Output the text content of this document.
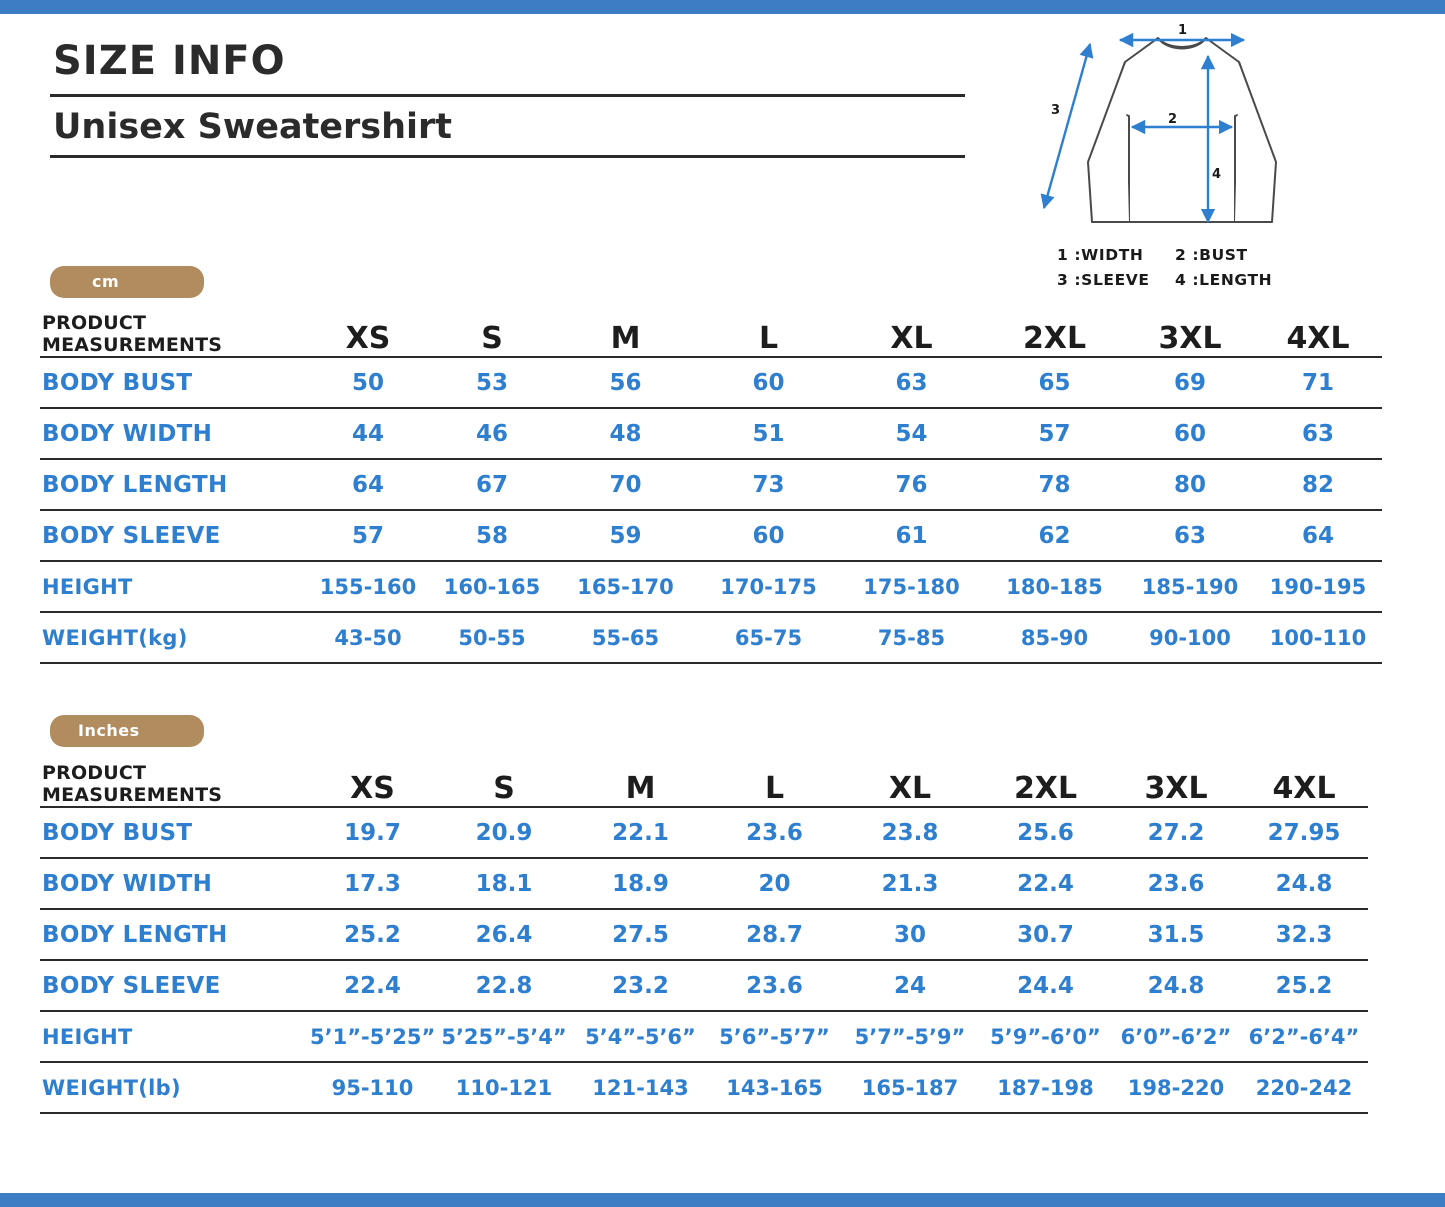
SIZE INFO
Unisex Sweatershirt
1
2
3
4
1 :WIDTH	2 :BUST
3 :SLEEVE	4 :LENGTH
cm
PRODUCT MEASUREMENTS	XS	S	M	L	XL	2XL	3XL	4XL
BODY BUST	50	53	56	60	63	65	69	71
BODY WIDTH	44	46	48	51	54	57	60	63
BODY LENGTH	64	67	70	73	76	78	80	82
BODY SLEEVE	57	58	59	60	61	62	63	64
HEIGHT	155-160	160-165	165-170	170-175	175-180	180-185	185-190	190-195
WEIGHT(kg)	43-50	50-55	55-65	65-75	75-85	85-90	90-100	100-110
Inches
PRODUCT MEASUREMENTS	XS	S	M	L	XL	2XL	3XL	4XL
BODY BUST	19.7	20.9	22.1	23.6	23.8	25.6	27.2	27.95
BODY WIDTH	17.3	18.1	18.9	20	21.3	22.4	23.6	24.8
BODY LENGTH	25.2	26.4	27.5	28.7	30	30.7	31.5	32.3
BODY SLEEVE	22.4	22.8	23.2	23.6	24	24.4	24.8	25.2
HEIGHT	5’1”-5’25”	5’25”-5’4”	5’4”-5’6”	5’6”-5’7”	5’7”-5’9”	5’9”-6’0”	6’0”-6’2”	6’2”-6’4”
WEIGHT(lb)	95-110	110-121	121-143	143-165	165-187	187-198	198-220	220-242
